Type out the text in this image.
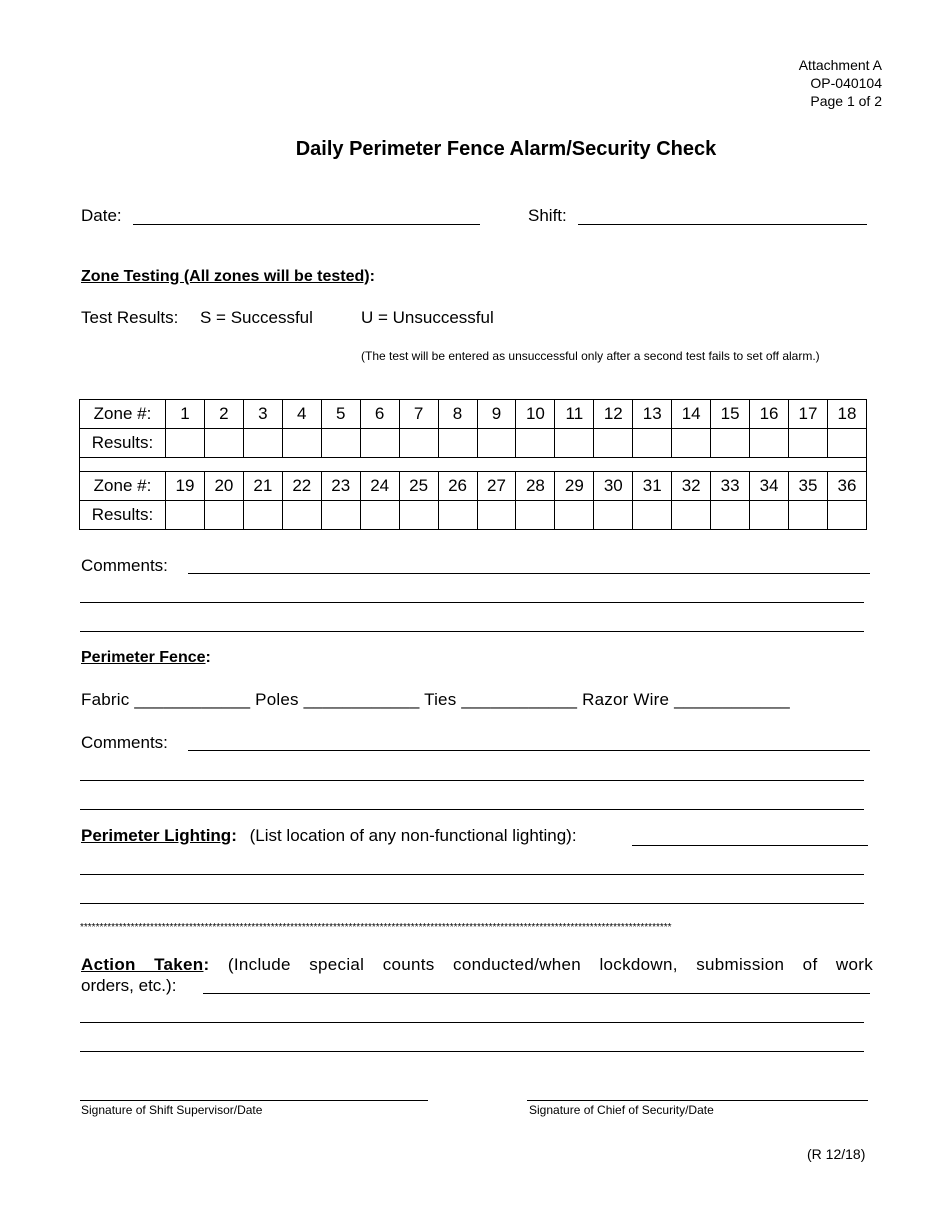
Attachment A
OP-040104
Page 1 of 2
Daily Perimeter Fence Alarm/Security Check
Date:	Shift:
Zone Testing (All zones will be tested):
Test Results: S = Successful	U = Unsuccessful
(The test will be entered as unsuccessful only after a second test fails to set off alarm.)
Zone #:	1	2	3	4	5	6	7	8	9	10	11	12	13	14	15	16	17	18
Results:																		

Zone #:	19	20	21	22	23	24	25	26	27	28	29	30	31	32	33	34	35	36
Results:																		
Comments:
Perimeter Fence:
Fabric ____________ Poles ____________ Ties ____________ Razor Wire ____________
Comments:
Perimeter Lighting: (List location of any non-functional lighting):
********************************************************************************************************************************************************
Action Taken: (Include special counts conducted/when lockdown, submission of work
orders, etc.):
Signature of Shift Supervisor/Date	Signature of Chief of Security/Date
(R 12/18)
